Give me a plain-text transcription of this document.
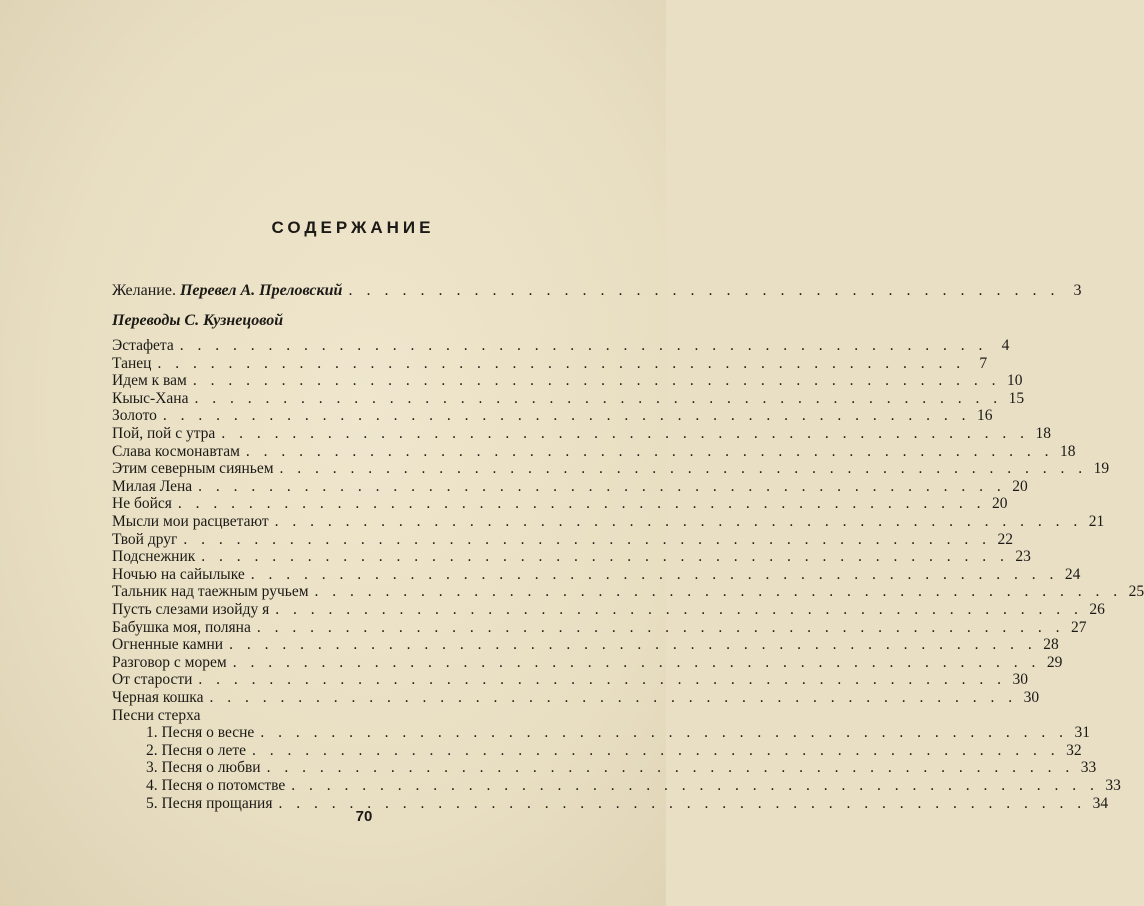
СОДЕРЖАНИЕ
Желание. Перевел А. Преловский . . . . . . . . . . . . . . . . . . . . . . . . . . . . . . . . . . . . . . . . 3
Переводы С. Кузнецовой
Эстафета . . . . . . . . . . . . . . . . . . . . . . . . . . . . . . . . . . . . . . . . . . . . . . 4
Танец . . . . . . . . . . . . . . . . . . . . . . . . . . . . . . . . . . . . . . . . . . . . . . 7
Идем к вам . . . . . . . . . . . . . . . . . . . . . . . . . . . . . . . . . . . . . . . . . . . . . . 10
Кыыс-Хана . . . . . . . . . . . . . . . . . . . . . . . . . . . . . . . . . . . . . . . . . . . . . . 15
Золото . . . . . . . . . . . . . . . . . . . . . . . . . . . . . . . . . . . . . . . . . . . . . . 16
Пой, пой с утра . . . . . . . . . . . . . . . . . . . . . . . . . . . . . . . . . . . . . . . . . . . . . . 18
Слава космонавтам . . . . . . . . . . . . . . . . . . . . . . . . . . . . . . . . . . . . . . . . . . . . . . 18
Этим северным сияньем . . . . . . . . . . . . . . . . . . . . . . . . . . . . . . . . . . . . . . . . . . . . . . 19
Милая Лена . . . . . . . . . . . . . . . . . . . . . . . . . . . . . . . . . . . . . . . . . . . . . . 20
Не бойся . . . . . . . . . . . . . . . . . . . . . . . . . . . . . . . . . . . . . . . . . . . . . . 20
Мысли мои расцветают . . . . . . . . . . . . . . . . . . . . . . . . . . . . . . . . . . . . . . . . . . . . . . 21
Твой друг . . . . . . . . . . . . . . . . . . . . . . . . . . . . . . . . . . . . . . . . . . . . . . 22
Подснежник . . . . . . . . . . . . . . . . . . . . . . . . . . . . . . . . . . . . . . . . . . . . . . 23
Ночью на сайылыке . . . . . . . . . . . . . . . . . . . . . . . . . . . . . . . . . . . . . . . . . . . . . . 24
Тальник над таежным ручьем . . . . . . . . . . . . . . . . . . . . . . . . . . . . . . . . . . . . . . . . . . . . . . 25
Пусть слезами изойду я . . . . . . . . . . . . . . . . . . . . . . . . . . . . . . . . . . . . . . . . . . . . . . 26
Бабушка моя, поляна . . . . . . . . . . . . . . . . . . . . . . . . . . . . . . . . . . . . . . . . . . . . . . 27
Огненные камни . . . . . . . . . . . . . . . . . . . . . . . . . . . . . . . . . . . . . . . . . . . . . . 28
Разговор с морем . . . . . . . . . . . . . . . . . . . . . . . . . . . . . . . . . . . . . . . . . . . . . . 29
От старости . . . . . . . . . . . . . . . . . . . . . . . . . . . . . . . . . . . . . . . . . . . . . . 30
Черная кошка . . . . . . . . . . . . . . . . . . . . . . . . . . . . . . . . . . . . . . . . . . . . . . 30
Песни стерха
1. Песня о весне . . . . . . . . . . . . . . . . . . . . . . . . . . . . . . . . . . . . . . . . . . . . . . 31
2. Песня о лете . . . . . . . . . . . . . . . . . . . . . . . . . . . . . . . . . . . . . . . . . . . . . . 32
3. Песня о любви . . . . . . . . . . . . . . . . . . . . . . . . . . . . . . . . . . . . . . . . . . . . . . 33
4. Песня о потомстве . . . . . . . . . . . . . . . . . . . . . . . . . . . . . . . . . . . . . . . . . . . . . . 33
5. Песня прощания . . . . . . . . . . . . . . . . . . . . . . . . . . . . . . . . . . . . . . . . . . . . . . 34
70
